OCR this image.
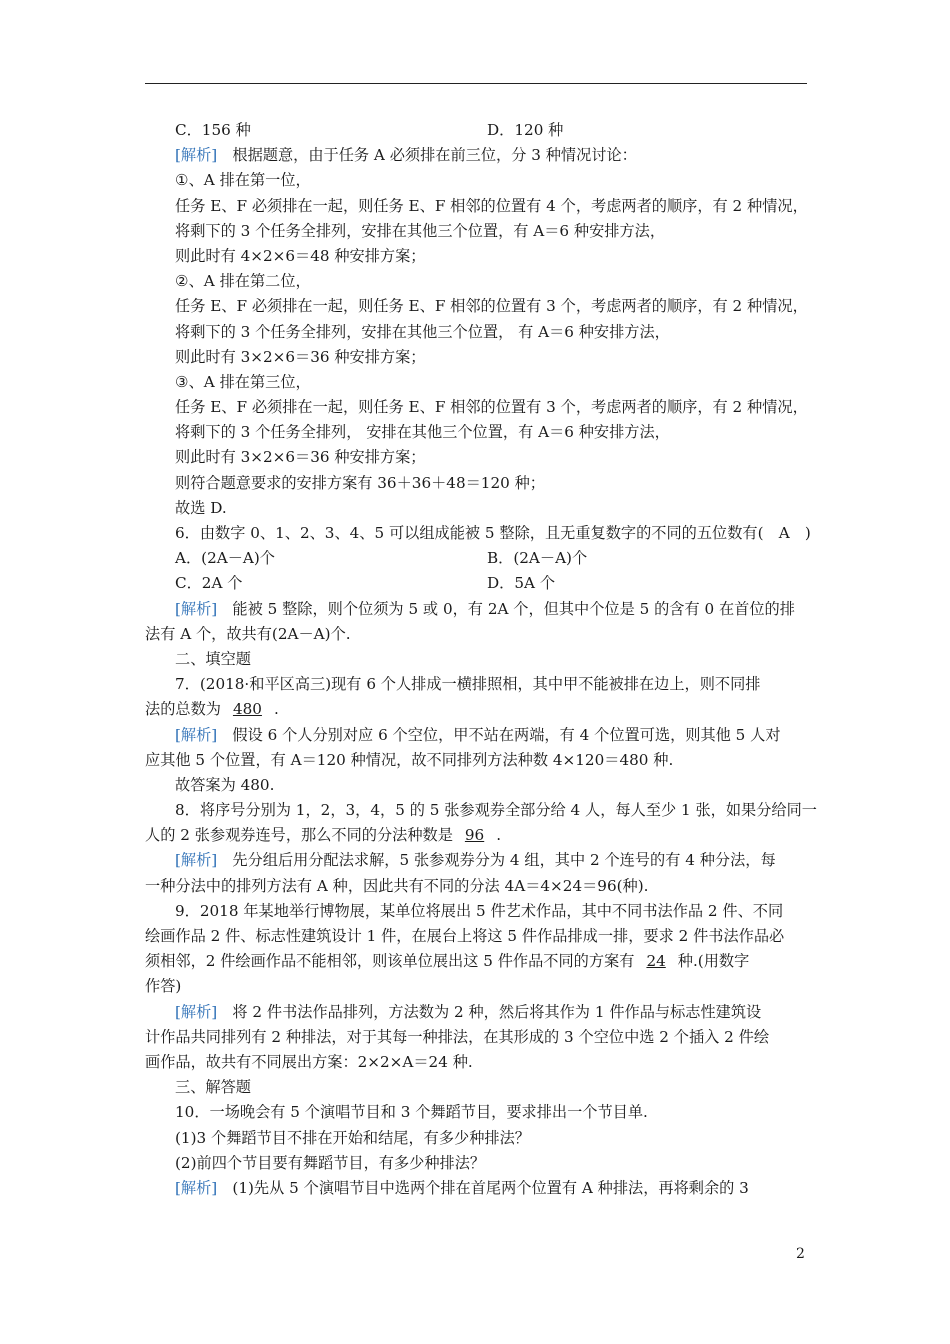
C．156 种	D．120 种
[解析]　 根据题意，由于任务 A 必须排在前三位，分 3 种情况讨论：
①、A 排在第一位，
任务 E、F 必须排在一起，则任务 E、F 相邻的位置有 4 个，考虑两者的顺序，有 2 种情况，
将剩下的 3 个任务全排列，安排在其他三个位置，有 A＝6 种安排方法，
则此时有 4×2×6＝48 种安排方案；
②、A 排在第二位，
任务 E、F 必须排在一起，则任务 E、F 相邻的位置有 3 个，考虑两者的顺序，有 2 种情况，
将剩下的 3 个任务全排列，安排在其他三个位置， 有 A＝6 种安排方法，
则此时有 3×2×6＝36 种安排方案；
③、A 排在第三位，
任务 E、F 必须排在一起，则任务 E、F 相邻的位置有 3 个，考虑两者的顺序，有 2 种情况，
将剩下的 3 个任务全排列， 安排在其他三个位置，有 A＝6 种安排方法，
则此时有 3×2×6＝36 种安排方案；
则符合题意要求的安排方案有 36＋36＋48＝120 种；
故选 D.
6．由数字 0、1、2、3、4、5 可以组成能被 5 整除，且无重复数字的不同的五位数有(　A　)
A．(2A－A)个	B．(2A－A)个
C．2A 个	D．5A 个
[解析]　 能被 5 整除，则个位须为 5 或 0，有 2A 个，但其中个位是 5 的含有 0 在首位的排
法有 A 个，故共有(2A－A)个.
二、填空题
7．(2018·和平区高三)现有 6 个人排成一横排照相，其中甲不能被排在边上，则不同排
法的总数为 480 .
[解析]　 假设 6 个人分别对应 6 个空位，甲不站在两端，有 4 个位置可选，则其他 5 人对
应其他 5 个位置，有 A＝120 种情况，故不同排列方法种数 4×120＝480 种.
故答案为 480.
8．将序号分别为 1，2，3，4，5 的 5 张参观券全部分给 4 人，每人至少 1 张，如果分给同一
人的 2 张参观券连号，那么不同的分法种数是 96 .
[解析]　 先分组后用分配法求解，5 张参观券分为 4 组，其中 2 个连号的有 4 种分法，每
一种分法中的排列方法有 A 种，因此共有不同的分法 4A＝4×24＝96(种).
9．2018 年某地举行博物展，某单位将展出 5 件艺术作品，其中不同书法作品 2 件、不同
绘画作品 2 件、标志性建筑设计 1 件，在展台上将这 5 件作品排成一排，要求 2 件书法作品必
须相邻，2 件绘画作品不能相邻，则该单位展出这 5 件作品不同的方案有 24 种.(用数字
作答)
[解析]　 将 2 件书法作品排列，方法数为 2 种，然后将其作为 1 件作品与标志性建筑设
计作品共同排列有 2 种排法，对于其每一种排法，在其形成的 3 个空位中选 2 个插入 2 件绘
画作品，故共有不同展出方案：2×2×A＝24 种.
三、解答题
10．一场晚会有 5 个演唱节目和 3 个舞蹈节目，要求排出一个节目单.
(1)3 个舞蹈节目不排在开始和结尾，有多少种排法？
(2)前四个节目要有舞蹈节目，有多少种排法？
[解析]　 (1)先从 5 个演唱节目中选两个排在首尾两个位置有 A 种排法，再将剩余的 3
2
